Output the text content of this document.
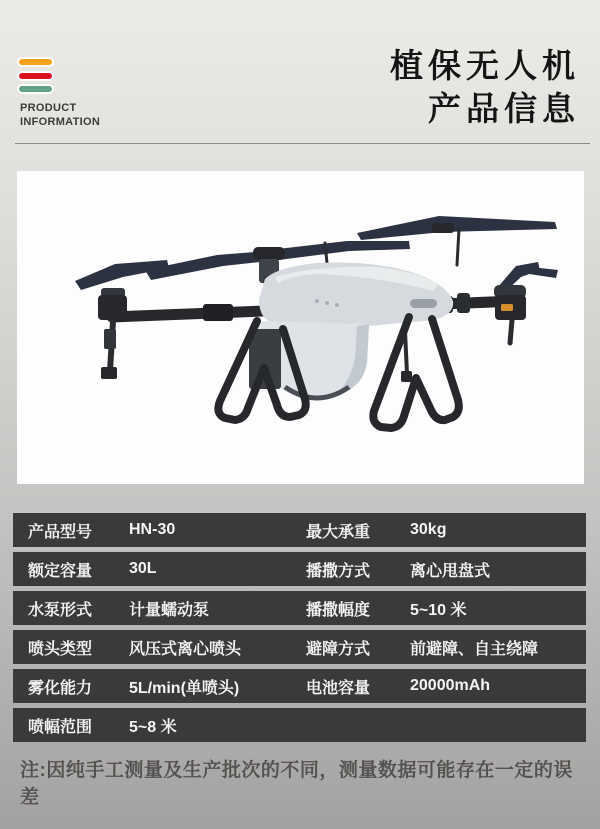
PRODUCT INFORMATION
植保无人机
产品信息
产品型号	HN-30	最大承重	30kg
额定容量	30L	播撒方式	离心甩盘式
水泵形式	计量蠕动泵	播撒幅度	5~10 米
喷头类型	风压式离心喷头	避障方式	前避障、自主绕障
雾化能力	5L/min(单喷头)	电池容量	20000mAh
喷幅范围	5~8 米
注:因纯手工测量及生产批次的不同，测量数据可能存在一定的误差
